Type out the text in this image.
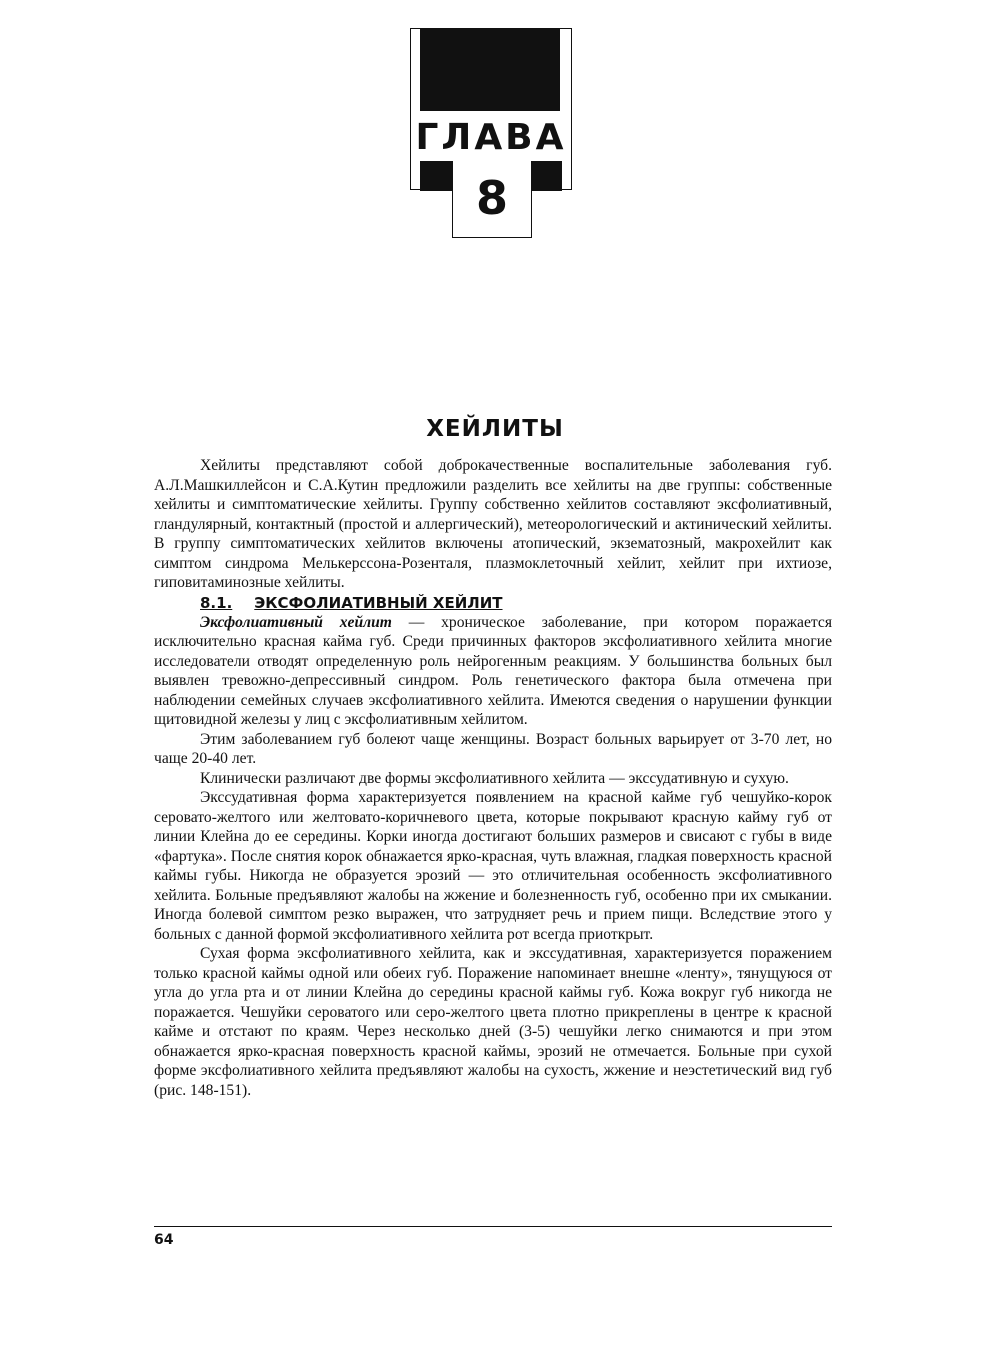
ГЛАВА
8
ХЕЙЛИТЫ

Хейлиты представляют собой доброкачественные воспалительные заболевания губ. А.Л.Машкиллейсон и С.А.Кутин предложили разделить все хейлиты на две группы: собственные хейлиты и симптоматические хейлиты. Группу собственно хейлитов составляют эксфолиативный, гландулярный, контактный (простой и аллергический), метеорологический и актинический хейлиты. В группу симптоматических хейлитов включены атопический, экзематозный, макрохейлит как симптом синдрома Мелькерссона-Розенталя, плазмоклеточный хейлит, хейлит при ихтиозе, гиповитаминозные хейлиты.

8.1. ЭКСФОЛИАТИВНЫЙ ХЕЙЛИТ

Эксфолиативный хейлит — хроническое заболевание, при котором поражается исключительно красная кайма губ. Среди причинных факторов эксфолиативного хейлита многие исследователи отводят определенную роль нейрогенным реакциям. У большинства больных был выявлен тревожно-депрессивный синдром. Роль генетического фактора была отмечена при наблюдении семейных случаев эксфолиативного хейлита. Имеются сведения о нарушении функции щитовидной железы у лиц с эксфолиативным хейлитом.

Этим заболеванием губ болеют чаще женщины. Возраст больных варьирует от 3-70 лет, но чаще 20-40 лет.

Клинически различают две формы эксфолиативного хейлита — экссудативную и сухую.

Экссудативная форма характеризуется появлением на красной кайме губ чешуйко-корок серовато-желтого или желтовато-коричневого цвета, которые покрывают красную кайму губ от линии Клейна до ее середины. Корки иногда достигают больших размеров и свисают с губы в виде «фартука». После снятия корок обнажается ярко-красная, чуть влажная, гладкая поверхность красной каймы губы. Никогда не образуется эрозий — это отличительная особенность эксфолиативного хейлита. Больные предъявляют жалобы на жжение и болезненность губ, особенно при их смыкании. Иногда болевой симптом резко выражен, что затрудняет речь и прием пищи. Вследствие этого у больных с данной формой эксфолиативного хейлита рот всегда приоткрыт.

Сухая форма эксфолиативного хейлита, как и экссудативная, характеризуется поражением только красной каймы одной или обеих губ. Поражение напоминает внешне «ленту», тянущуюся от угла до угла рта и от линии Клейна до середины красной каймы губ. Кожа вокруг губ никогда не поражается. Чешуйки сероватого или серо-желтого цвета плотно прикреплены в центре к красной кайме и отстают по краям. Через несколько дней (3-5) чешуйки легко снимаются и при этом обнажается ярко-красная поверхность красной каймы, эрозий не отмечается. Больные при сухой форме эксфолиативного хейлита предъявляют жалобы на сухость, жжение и неэстетический вид губ (рис. 148-151).

64
